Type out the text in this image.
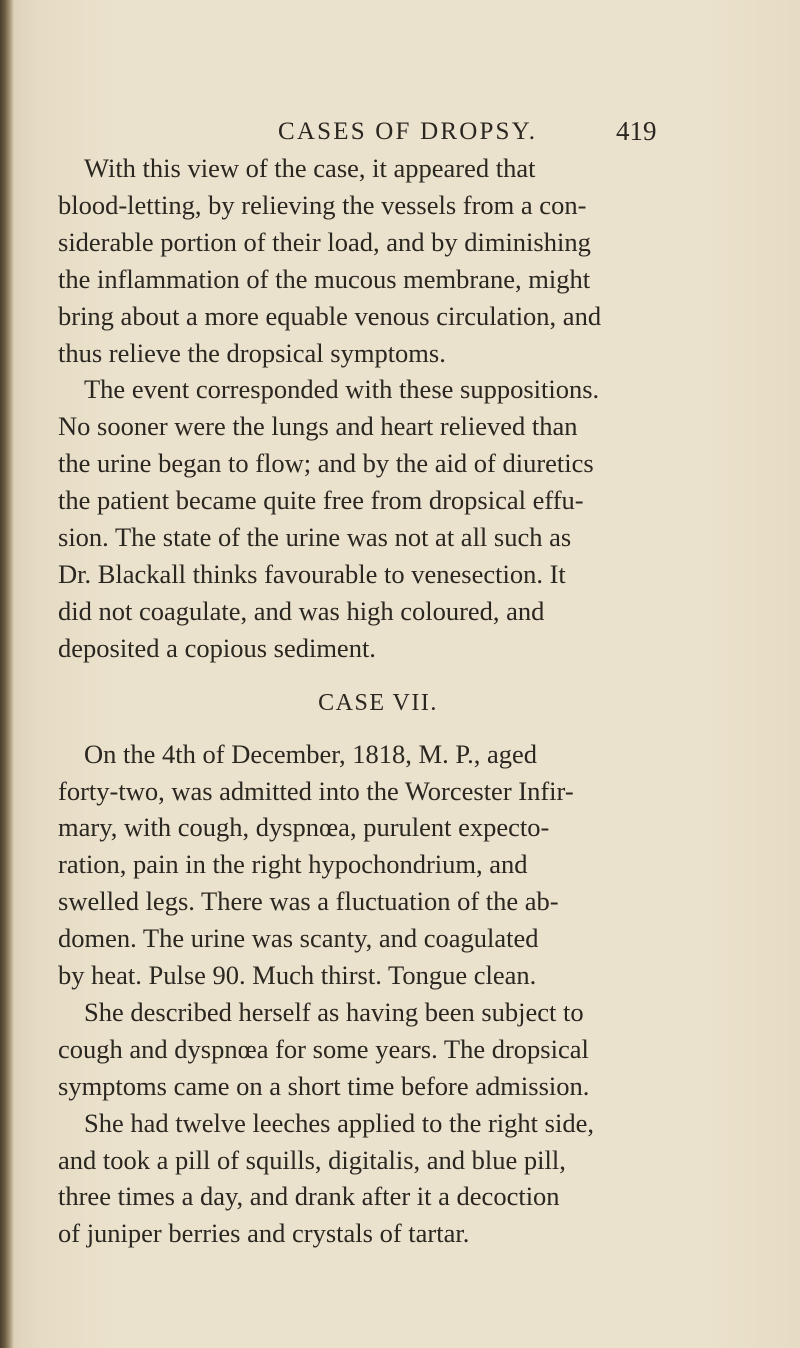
CASES OF DROPSY.	419
With this view of the case, it appeared that
blood-letting, by relieving the vessels from a con-
siderable portion of their load, and by diminishing
the inflammation of the mucous membrane, might
bring about a more equable venous circulation, and
thus relieve the dropsical symptoms.
The event corresponded with these suppositions.
No sooner were the lungs and heart relieved than
the urine began to flow; and by the aid of diuretics
the patient became quite free from dropsical effu-
sion. The state of the urine was not at all such as
Dr. Blackall thinks favourable to venesection. It
did not coagulate, and was high coloured, and
deposited a copious sediment.
CASE VII.
On the 4th of December, 1818, M. P., aged
forty-two, was admitted into the Worcester Infir-
mary, with cough, dyspnœa, purulent expecto-
ration, pain in the right hypochondrium, and
swelled legs. There was a fluctuation of the ab-
domen. The urine was scanty, and coagulated
by heat. Pulse 90. Much thirst. Tongue clean.
She described herself as having been subject to
cough and dyspnœa for some years. The dropsical
symptoms came on a short time before admission.
She had twelve leeches applied to the right side,
and took a pill of squills, digitalis, and blue pill,
three times a day, and drank after it a decoction
of juniper berries and crystals of tartar.
